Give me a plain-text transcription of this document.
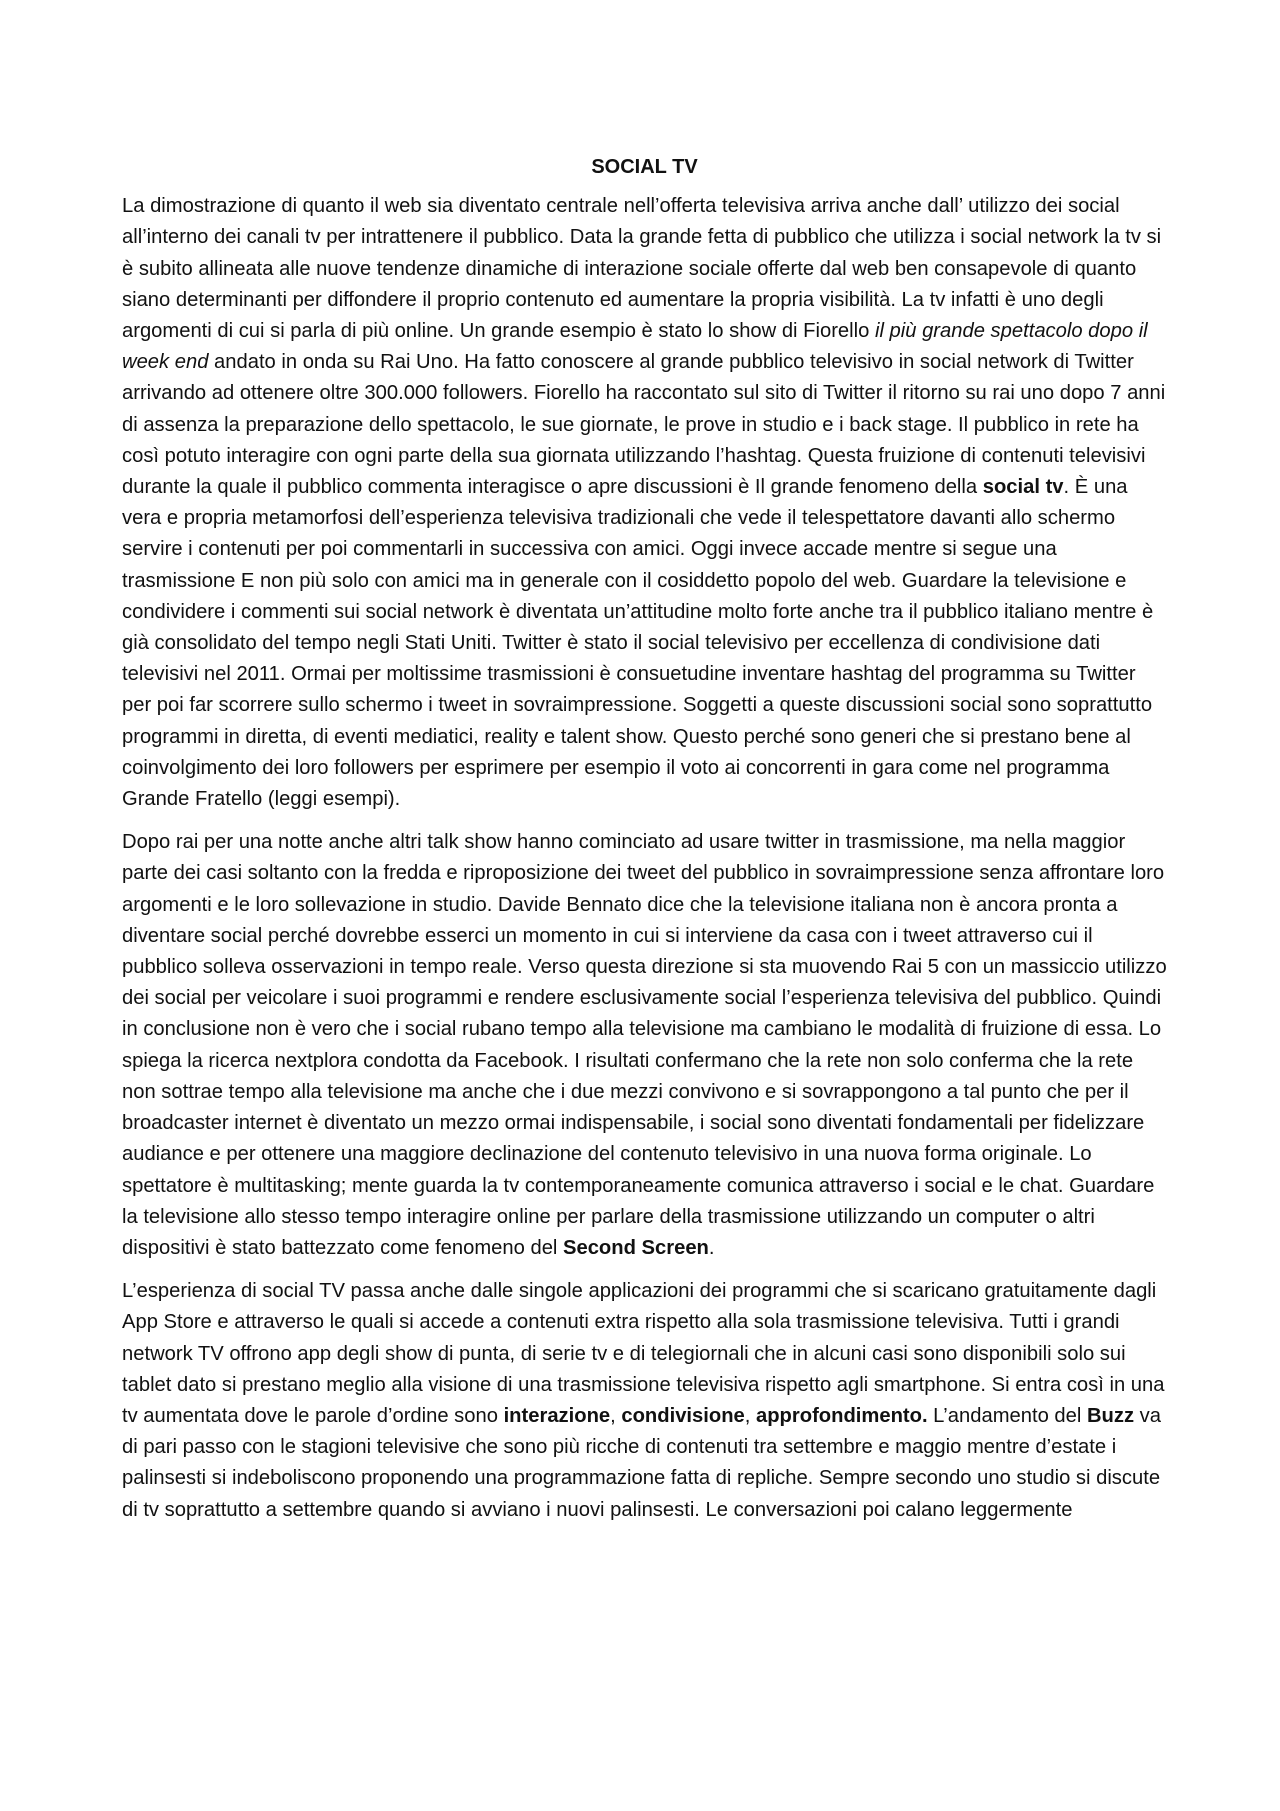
SOCIAL TV

La dimostrazione di quanto il web sia diventato centrale nell’offerta televisiva arriva anche dall’ utilizzo dei social all’interno dei canali tv per intrattenere il pubblico. Data la grande fetta di pubblico che utilizza i social network la tv si è subito allineata alle nuove tendenze dinamiche di interazione sociale offerte dal web ben consapevole di quanto siano determinanti per diffondere il proprio contenuto ed aumentare la propria visibilità. La tv infatti è uno degli argomenti di cui si parla di più online. Un grande esempio è stato lo show di Fiorello il più grande spettacolo dopo il week end andato in onda su Rai Uno. Ha fatto conoscere al grande pubblico televisivo in social network di Twitter arrivando ad ottenere oltre 300.000 followers. Fiorello ha raccontato sul sito di Twitter il ritorno su rai uno dopo 7 anni di assenza la preparazione dello spettacolo, le sue giornate, le prove in studio e i back stage. Il pubblico in rete ha così potuto interagire con ogni parte della sua giornata utilizzando l’hashtag. Questa fruizione di contenuti televisivi durante la quale il pubblico commenta interagisce o apre discussioni è Il grande fenomeno della social tv. È una vera e propria metamorfosi dell’esperienza televisiva tradizionali che vede il telespettatore davanti allo schermo servire i contenuti per poi commentarli in successiva con amici. Oggi invece accade mentre si segue una trasmissione E non più solo con amici ma in generale con il cosiddetto popolo del web. Guardare la televisione e condividere i commenti sui social network è diventata un’attitudine molto forte anche tra il pubblico italiano mentre è già consolidato del tempo negli Stati Uniti. Twitter è stato il social televisivo per eccellenza di condivisione dati televisivi nel 2011. Ormai per moltissime trasmissioni è consuetudine inventare hashtag del programma su Twitter per poi far scorrere sullo schermo i tweet in sovraimpressione. Soggetti a queste discussioni social sono soprattutto programmi in diretta, di eventi mediatici, reality e talent show. Questo perché sono generi che si prestano bene al coinvolgimento dei loro followers per esprimere per esempio il voto ai concorrenti in gara come nel programma Grande Fratello (leggi esempi).

Dopo rai per una notte anche altri talk show hanno cominciato ad usare twitter in trasmissione, ma nella maggior parte dei casi soltanto con la fredda e riproposizione dei tweet del pubblico in sovraimpressione senza affrontare loro argomenti e le loro sollevazione in studio. Davide Bennato dice che la televisione italiana non è ancora pronta a diventare social perché dovrebbe esserci un momento in cui si interviene da casa con i tweet attraverso cui il pubblico solleva osservazioni in tempo reale. Verso questa direzione si sta muovendo Rai 5 con un massiccio utilizzo dei social per veicolare i suoi programmi e rendere esclusivamente social l’esperienza televisiva del pubblico. Quindi in conclusione non è vero che i social rubano tempo alla televisione ma cambiano le modalità di fruizione di essa. Lo spiega la ricerca nextplora condotta da Facebook. I risultati confermano che la rete non solo conferma che la rete non sottrae tempo alla televisione ma anche che i due mezzi convivono e si sovrappongono a tal punto che per il broadcaster internet è diventato un mezzo ormai indispensabile, i social sono diventati fondamentali per fidelizzare audiance e per ottenere una maggiore declinazione del contenuto televisivo in una nuova forma originale. Lo spettatore è multitasking; mente guarda la tv contemporaneamente comunica attraverso i social e le chat. Guardare la televisione allo stesso tempo interagire online per parlare della trasmissione utilizzando un computer o altri dispositivi è stato battezzato come fenomeno del Second Screen.

L’esperienza di social TV passa anche dalle singole applicazioni dei programmi che si scaricano gratuitamente dagli App Store e attraverso le quali si accede a contenuti extra rispetto alla sola trasmissione televisiva. Tutti i grandi network TV offrono app degli show di punta, di serie tv e di telegiornali che in alcuni casi sono disponibili solo sui tablet dato si prestano meglio alla visione di una trasmissione televisiva rispetto agli smartphone. Si entra così in una tv aumentata dove le parole d’ordine sono interazione, condivisione, approfondimento. L’andamento del Buzz va di pari passo con le stagioni televisive che sono più ricche di contenuti tra settembre e maggio mentre d’estate i palinsesti si indeboliscono proponendo una programmazione fatta di repliche. Sempre secondo uno studio si discute di tv soprattutto a settembre quando si avviano i nuovi palinsesti. Le conversazioni poi calano leggermente
